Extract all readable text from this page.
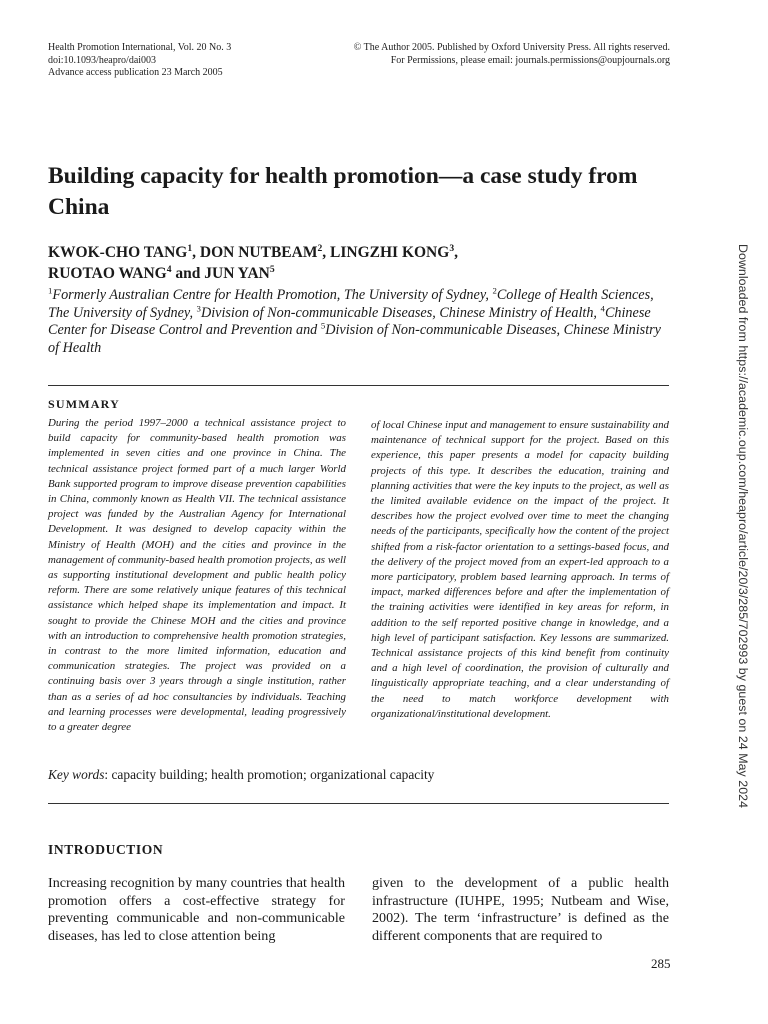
Health Promotion International, Vol. 20 No. 3
doi:10.1093/heapro/dai003
Advance access publication 23 March 2005
© The Author 2005. Published by Oxford University Press. All rights reserved.
For Permissions, please email: journals.permissions@oupjournals.org
Building capacity for health promotion—a case study from China
KWOK-CHO TANG$^1$, DON NUTBEAM$^2$, LINGZHI KONG$^3$,
RUOTAO WANG$^4$ and JUN YAN$^5$
$^1$Formerly Australian Centre for Health Promotion, The University of Sydney, $^2$College of Health Sciences, The University of Sydney, $^3$Division of Non-communicable Diseases, Chinese Ministry of Health, $^4$Chinese Center for Disease Control and Prevention and $^5$Division of Non-communicable Diseases, Chinese Ministry of Health
SUMMARY

During the period 1997–2000 a technical assistance project to build capacity for community-based health promotion was implemented in seven cities and one province in China. The technical assistance project formed part of a much larger World Bank supported program to improve disease prevention capabilities in China, commonly known as Health VII. The technical assistance project was funded by the Australian Agency for International Development. It was designed to develop capacity within the Ministry of Health (MOH) and the cities and province in the management of community-based health promotion projects, as well as supporting institutional development and public health policy reform. There are some relatively unique features of this technical assistance which helped shape its implementation and impact. It sought to provide the Chinese MOH and the cities and province with an introduction to comprehensive health promotion strategies, in contrast to the more limited information, education and communication strategies. The project was provided on a continuing basis over 3 years through a single institution, rather than as a series of ad hoc consultancies by individuals. Teaching and learning processes were developmental, leading progressively to a greater degree

of local Chinese input and management to ensure sustainability and maintenance of technical support for the project. Based on this experience, this paper presents a model for capacity building projects of this type. It describes the education, training and planning activities that were the key inputs to the project, as well as the limited available evidence on the impact of the project. It describes how the project evolved over time to meet the changing needs of the participants, specifically how the content of the project shifted from a risk-factor orientation to a settings-based focus, and the delivery of the project moved from an expert-led approach to a more participatory, problem based learning approach. In terms of impact, marked differences before and after the implementation of the training activities were identified in key areas for reform, in addition to the self reported positive change in knowledge, and a high level of participant satisfaction. Key lessons are summarized. Technical assistance projects of this kind benefit from continuity and a high level of coordination, the provision of culturally and linguistically appropriate teaching, and a clear understanding of the need to match workforce development with organizational/institutional development.

Key words: capacity building; health promotion; organizational capacity
INTRODUCTION

Increasing recognition by many countries that health promotion offers a cost-effective strategy for preventing communicable and non-communicable diseases, has led to close attention being

given to the development of a public health infrastructure (IUHPE, 1995; Nutbeam and Wise, 2002). The term ‘infrastructure’ is defined as the different components that are required to

285
Downloaded from https://academic.oup.com/heapro/article/20/3/285/702993 by guest on 24 May 2024
